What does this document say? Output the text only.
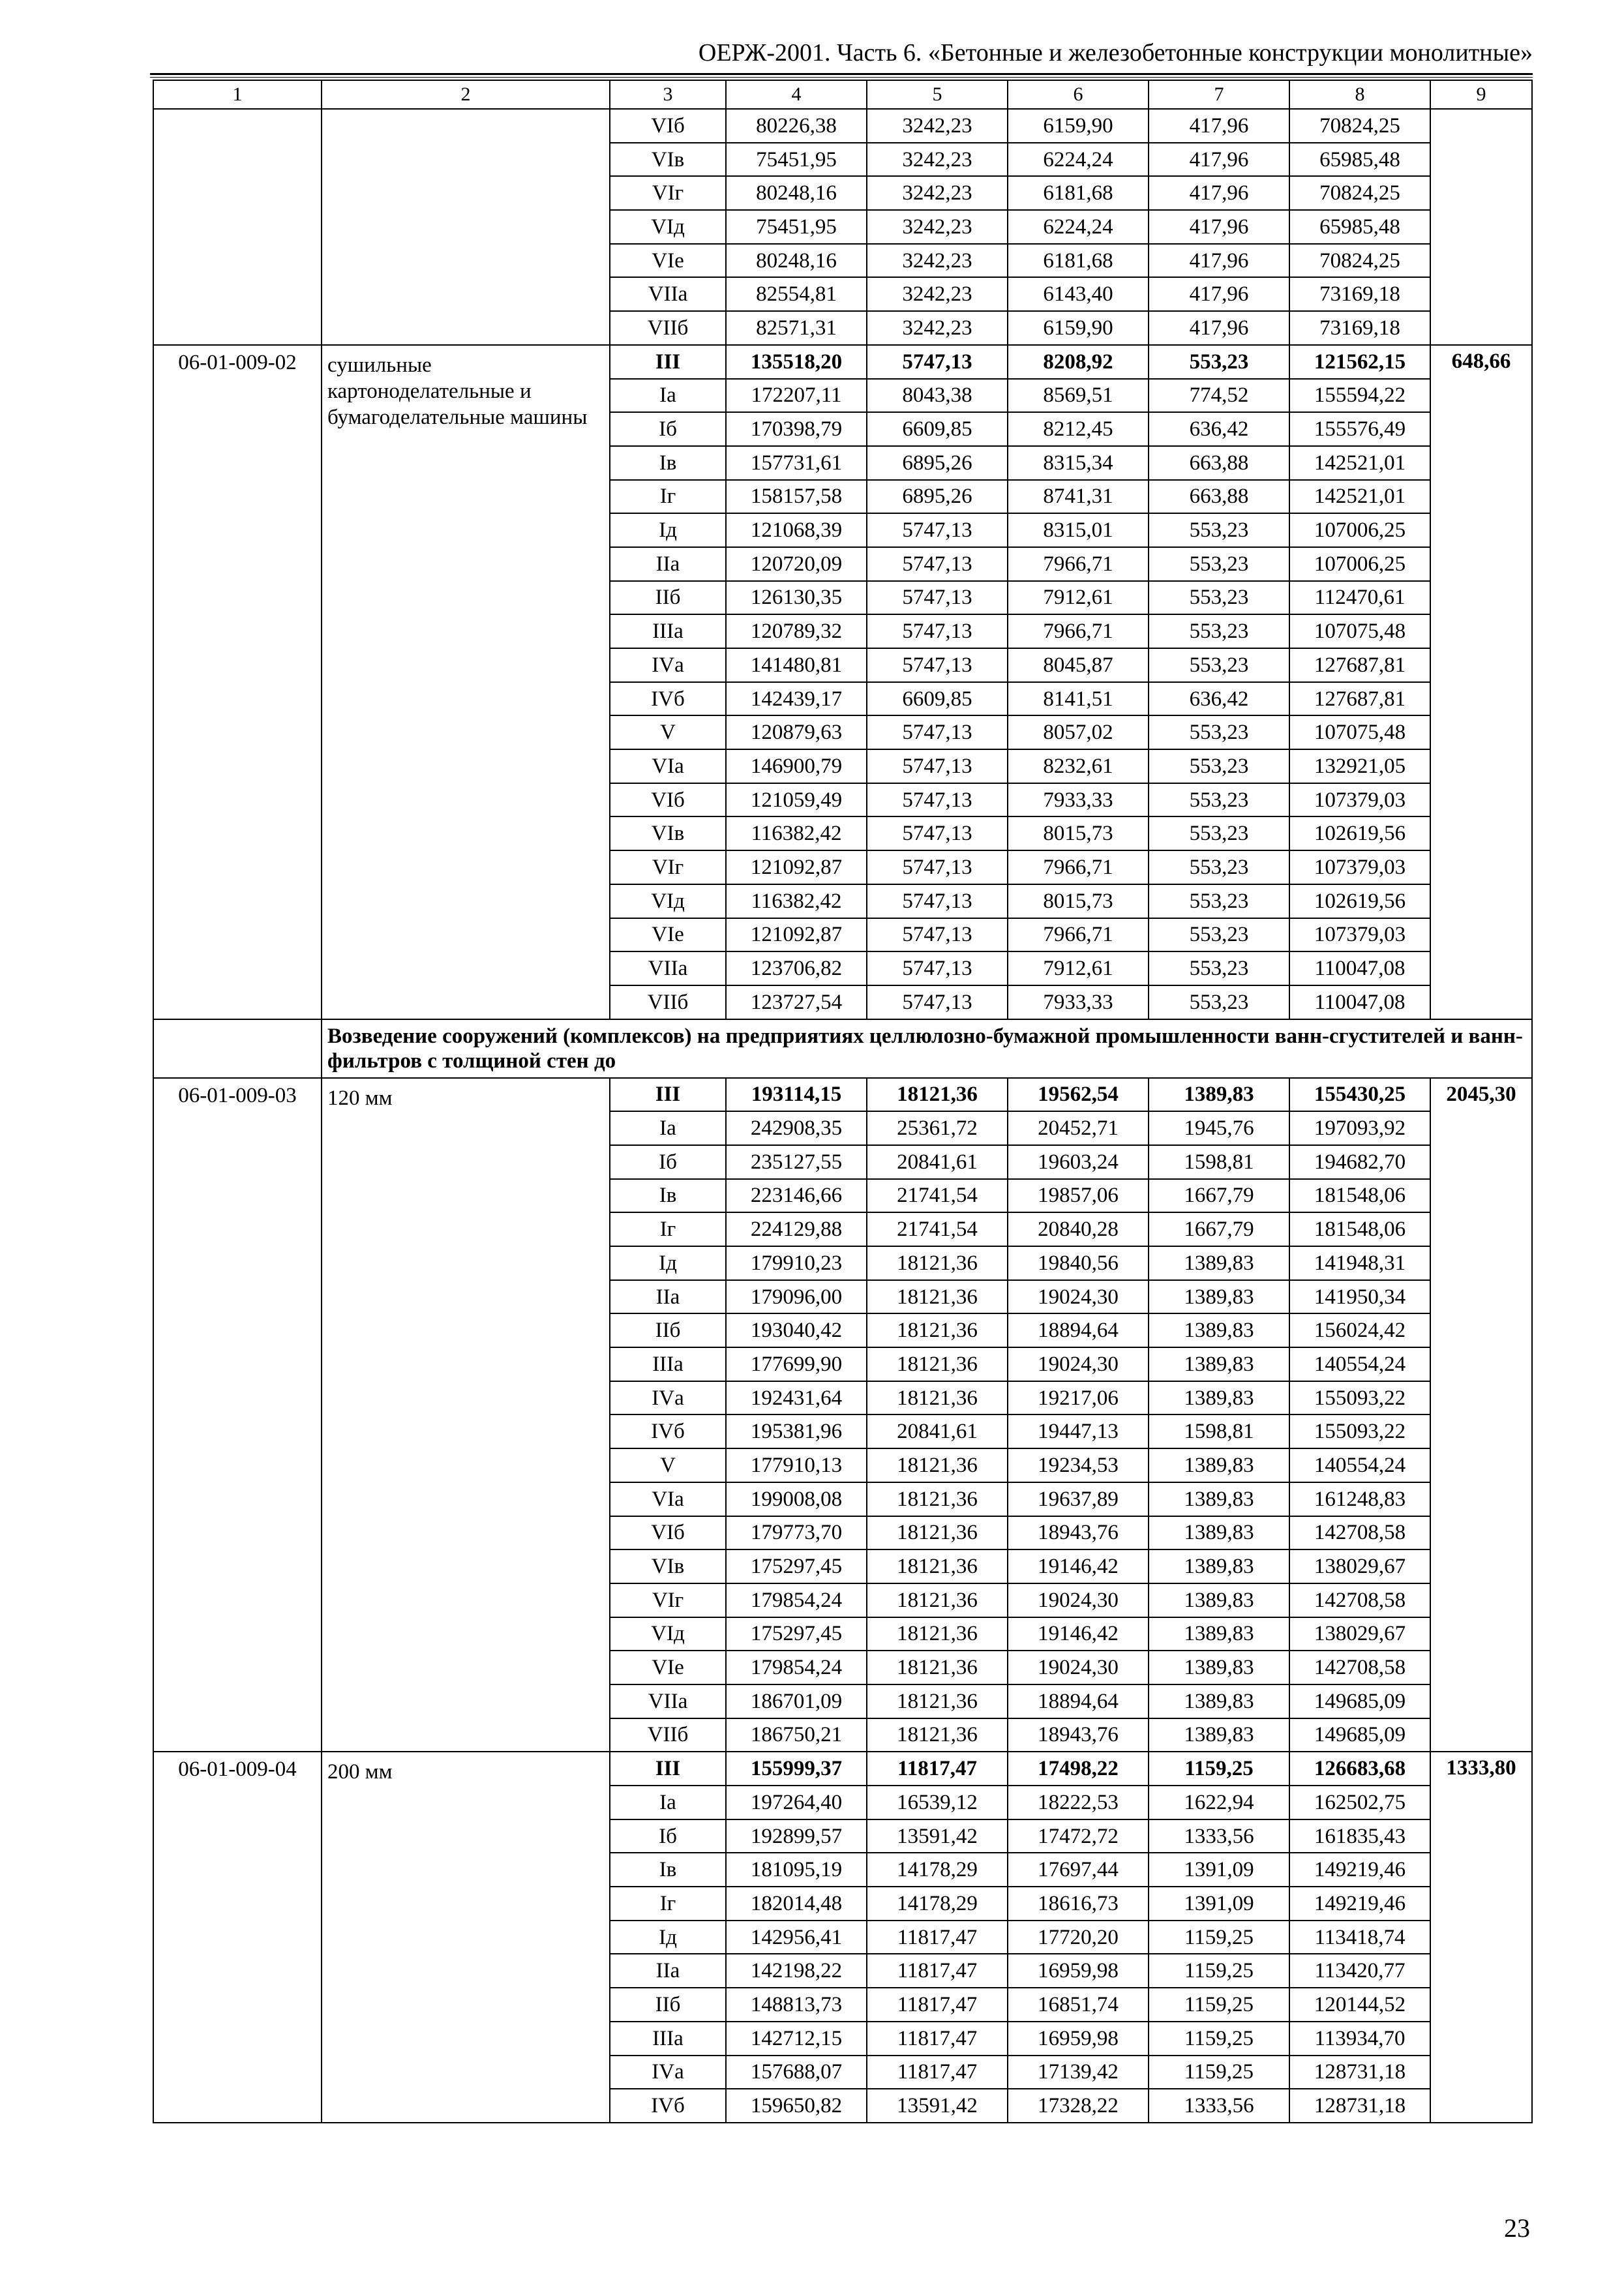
ОЕРЖ-2001. Часть 6. «Бетонные и железобетонные конструкции монолитные»
1	2	3	4	5	6	7	8	9
		VIб	80226,38	3242,23	6159,90	417,96	70824,25	
		VIв	75451,95	3242,23	6224,24	417,96	65985,48	
		VIг	80248,16	3242,23	6181,68	417,96	70824,25	
		VIд	75451,95	3242,23	6224,24	417,96	65985,48	
		VIе	80248,16	3242,23	6181,68	417,96	70824,25	
		VIIа	82554,81	3242,23	6143,40	417,96	73169,18	
		VIIб	82571,31	3242,23	6159,90	417,96	73169,18	
06-01-009-02	сушильные картоноделательные и бумагоделательные машины	III	135518,20	5747,13	8208,92	553,23	121562,15	648,66
		Iа	172207,11	8043,38	8569,51	774,52	155594,22	
		Iб	170398,79	6609,85	8212,45	636,42	155576,49	
		Iв	157731,61	6895,26	8315,34	663,88	142521,01	
		Iг	158157,58	6895,26	8741,31	663,88	142521,01	
		Iд	121068,39	5747,13	8315,01	553,23	107006,25	
		IIа	120720,09	5747,13	7966,71	553,23	107006,25	
		IIб	126130,35	5747,13	7912,61	553,23	112470,61	
		IIIа	120789,32	5747,13	7966,71	553,23	107075,48	
		IVа	141480,81	5747,13	8045,87	553,23	127687,81	
		IVб	142439,17	6609,85	8141,51	636,42	127687,81	
		V	120879,63	5747,13	8057,02	553,23	107075,48	
		VIа	146900,79	5747,13	8232,61	553,23	132921,05	
		VIб	121059,49	5747,13	7933,33	553,23	107379,03	
		VIв	116382,42	5747,13	8015,73	553,23	102619,56	
		VIг	121092,87	5747,13	7966,71	553,23	107379,03	
		VIд	116382,42	5747,13	8015,73	553,23	102619,56	
		VIе	121092,87	5747,13	7966,71	553,23	107379,03	
		VIIа	123706,82	5747,13	7912,61	553,23	110047,08	
		VIIб	123727,54	5747,13	7933,33	553,23	110047,08	
	Возведение сооружений (комплексов) на предприятиях целлюлозно-бумажной промышленности ванн-сгустителей и ванн-фильтров с толщиной стен до							
06-01-009-03	120 мм	III	193114,15	18121,36	19562,54	1389,83	155430,25	2045,30
		Iа	242908,35	25361,72	20452,71	1945,76	197093,92	
		Iб	235127,55	20841,61	19603,24	1598,81	194682,70	
		Iв	223146,66	21741,54	19857,06	1667,79	181548,06	
		Iг	224129,88	21741,54	20840,28	1667,79	181548,06	
		Iд	179910,23	18121,36	19840,56	1389,83	141948,31	
		IIа	179096,00	18121,36	19024,30	1389,83	141950,34	
		IIб	193040,42	18121,36	18894,64	1389,83	156024,42	
		IIIа	177699,90	18121,36	19024,30	1389,83	140554,24	
		IVа	192431,64	18121,36	19217,06	1389,83	155093,22	
		IVб	195381,96	20841,61	19447,13	1598,81	155093,22	
		V	177910,13	18121,36	19234,53	1389,83	140554,24	
		VIа	199008,08	18121,36	19637,89	1389,83	161248,83	
		VIб	179773,70	18121,36	18943,76	1389,83	142708,58	
		VIв	175297,45	18121,36	19146,42	1389,83	138029,67	
		VIг	179854,24	18121,36	19024,30	1389,83	142708,58	
		VIд	175297,45	18121,36	19146,42	1389,83	138029,67	
		VIе	179854,24	18121,36	19024,30	1389,83	142708,58	
		VIIа	186701,09	18121,36	18894,64	1389,83	149685,09	
		VIIб	186750,21	18121,36	18943,76	1389,83	149685,09	
06-01-009-04	200 мм	III	155999,37	11817,47	17498,22	1159,25	126683,68	1333,80
		Iа	197264,40	16539,12	18222,53	1622,94	162502,75	
		Iб	192899,57	13591,42	17472,72	1333,56	161835,43	
		Iв	181095,19	14178,29	17697,44	1391,09	149219,46	
		Iг	182014,48	14178,29	18616,73	1391,09	149219,46	
		Iд	142956,41	11817,47	17720,20	1159,25	113418,74	
		IIа	142198,22	11817,47	16959,98	1159,25	113420,77	
		IIб	148813,73	11817,47	16851,74	1159,25	120144,52	
		IIIа	142712,15	11817,47	16959,98	1159,25	113934,70	
		IVа	157688,07	11817,47	17139,42	1159,25	128731,18	
		IVб	159650,82	13591,42	17328,22	1333,56	128731,18	
23
